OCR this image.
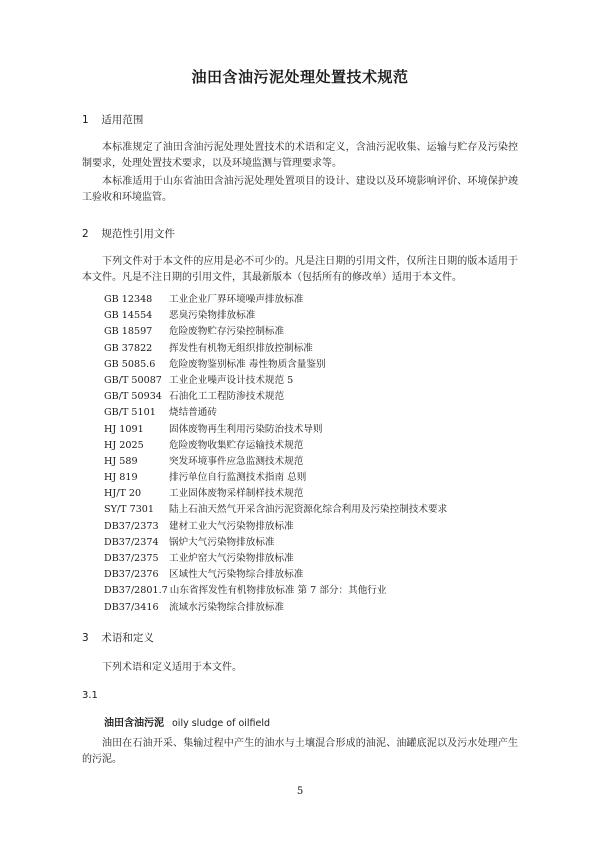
油田含油污泥处理处置技术规范
1 适用范围
本标准规定了油田含油污泥处理处置技术的术语和定义，含油污泥收集、运输与贮存及污染控制要求，处理处置技术要求，以及环境监测与管理要求等。
本标准适用于山东省油田含油污泥处理处置项目的设计、建设以及环境影响评价、环境保护竣工验收和环境监管。
2 规范性引用文件
下列文件对于本文件的应用是必不可少的。凡是注日期的引用文件，仅所注日期的版本适用于本文件。凡是不注日期的引用文件，其最新版本（包括所有的修改单）适用于本文件。
GB 12348 工业企业厂界环境噪声排放标准
GB 14554 恶臭污染物排放标准
GB 18597 危险废物贮存污染控制标准
GB 37822 挥发性有机物无组织排放控制标准
GB 5085.6 危险废物鉴别标准 毒性物质含量鉴别
GB/T 50087 工业企业噪声设计技术规范 5
GB/T 50934 石油化工工程防渗技术规范
GB/T 5101 烧结普通砖
HJ 1091	固体废物再生利用污染防治技术导则
HJ 2025	危险废物收集贮存运输技术规范
HJ 589	突发环境事件应急监测技术规范
HJ 819	排污单位自行监测技术指南 总则
HJ/T 20	工业固体废物采样制样技术规范
SY/T 7301 陆上石油天然气开采含油污泥资源化综合利用及污染控制技术要求
DB37/2373 建材工业大气污染物排放标准
DB37/2374 锅炉大气污染物排放标准
DB37/2375 工业炉窑大气污染物排放标准
DB37/2376 区域性大气污染物综合排放标准
DB37/2801.7 山东省挥发性有机物排放标准 第 7 部分：其他行业
DB37/3416 流域水污染物综合排放标准
3 术语和定义
下列术语和定义适用于本文件。
3.1
油田含油污泥 oily sludge of oilfield
油田在石油开采、集输过程中产生的油水与土壤混合形成的油泥、油罐底泥以及污水处理产生的污泥。
5
